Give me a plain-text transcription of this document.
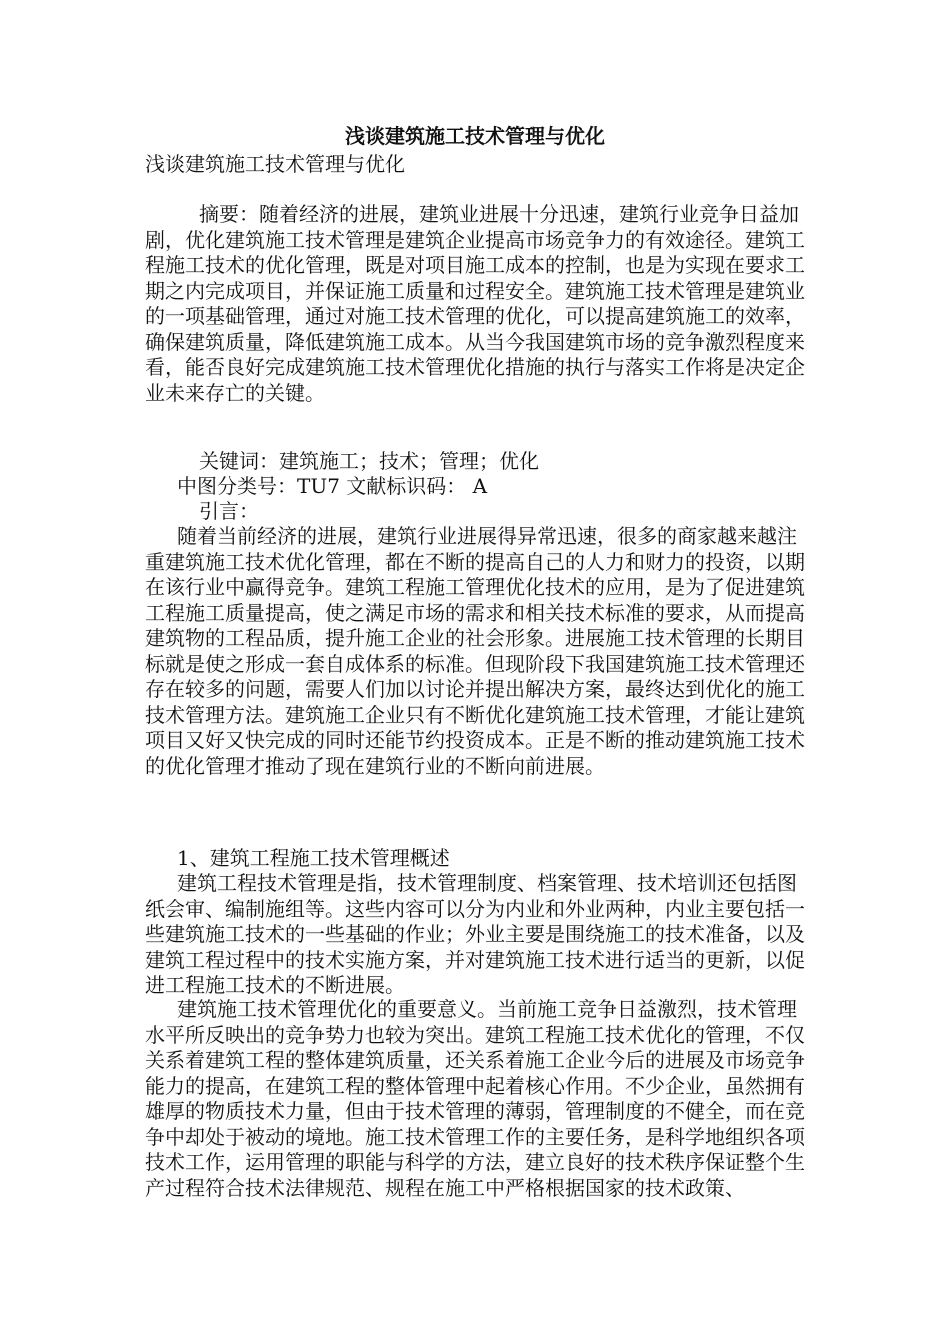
浅谈建筑施工技术管理与优化

浅谈建筑施工技术管理与优化

摘要：随着经济的进展，建筑业进展十分迅速，建筑行业竞争日益加剧，优化建筑施工技术管理是建筑企业提高市场竞争力的有效途径。建筑工程施工技术的优化管理，既是对项目施工成本的控制，也是为实现在要求工期之内完成项目，并保证施工质量和过程安全。建筑施工技术管理是建筑业的一项基础管理，通过对施工技术管理的优化，可以提高建筑施工的效率，确保建筑质量，降低建筑施工成本。从当今我国建筑市场的竞争激烈程度来看，能否良好完成建筑施工技术管理优化措施的执行与落实工作将是决定企业未来存亡的关键。

关键词：建筑施工；技术；管理；优化

中图分类号：TU7 文献标识码： A

引言：

随着当前经济的进展，建筑行业进展得异常迅速，很多的商家越来越注重建筑施工技术优化管理，都在不断的提高自己的人力和财力的投资，以期在该行业中赢得竞争。建筑工程施工管理优化技术的应用，是为了促进建筑工程施工质量提高，使之满足市场的需求和相关技术标准的要求，从而提高建筑物的工程品质，提升施工企业的社会形象。进展施工技术管理的长期目标就是使之形成一套自成体系的标准。但现阶段下我国建筑施工技术管理还存在较多的问题，需要人们加以讨论并提出解决方案，最终达到优化的施工技术管理方法。建筑施工企业只有不断优化建筑施工技术管理，才能让建筑项目又好又快完成的同时还能节约投资成本。正是不断的推动建筑施工技术的优化管理才推动了现在建筑行业的不断向前进展。

1、建筑工程施工技术管理概述

建筑工程技术管理是指，技术管理制度、档案管理、技术培训还包括图纸会审、编制施组等。这些内容可以分为内业和外业两种，内业主要包括一些建筑施工技术的一些基础的作业；外业主要是围绕施工的技术准备，以及建筑工程过程中的技术实施方案，并对建筑施工技术进行适当的更新，以促进工程施工技术的不断进展。

建筑施工技术管理优化的重要意义。当前施工竞争日益激烈，技术管理水平所反映出的竞争势力也较为突出。建筑工程施工技术优化的管理，不仅关系着建筑工程的整体建筑质量，还关系着施工企业今后的进展及市场竞争能力的提高，在建筑工程的整体管理中起着核心作用。不少企业，虽然拥有雄厚的物质技术力量，但由于技术管理的薄弱，管理制度的不健全，而在竞争中却处于被动的境地。施工技术管理工作的主要任务，是科学地组织各项技术工作，运用管理的职能与科学的方法，建立良好的技术秩序保证整个生产过程符合技术法律规范、规程在施工中严格根据国家的技术政策、
